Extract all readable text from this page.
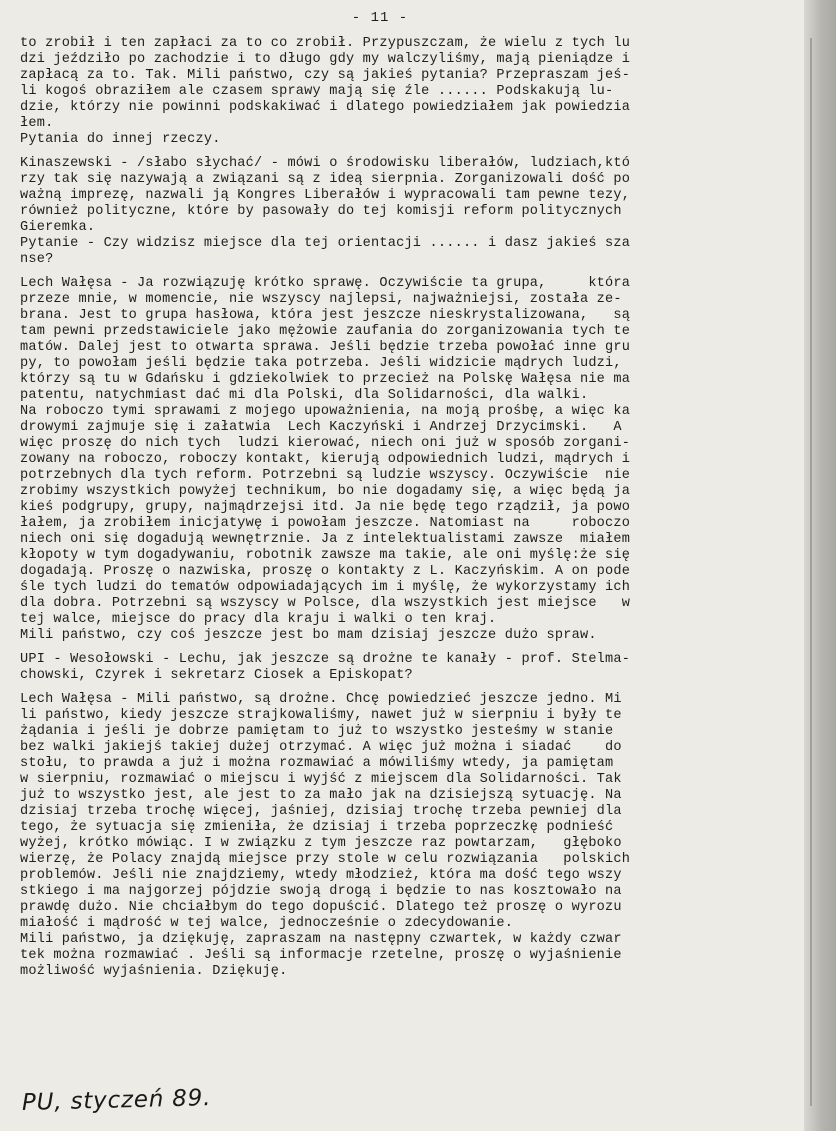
- 11 -
to zrobił i ten zapłaci za to co zrobił. Przypuszczam, że wielu z tych lu
dzi jeździło po zachodzie i to długo gdy my walczyliśmy, mają pieniądze i
zapłacą za to. Tak. Mili państwo, czy są jakieś pytania? Przepraszam jeś-
li kogoś obraziłem ale czasem sprawy mają się źle ...... Podskakują lu-
dzie, którzy nie powinni podskakiwać i dlatego powiedziałem jak powiedzia
łem.
Pytania do innej rzeczy.
Kinaszewski - /słabo słychać/ - mówi o środowisku liberałów, ludziach,któ
rzy tak się nazywają a związani są z ideą sierpnia. Zorganizowali dość po
ważną imprezę, nazwali ją Kongres Liberałów i wypracowali tam pewne tezy,
również polityczne, które by pasowały do tej komisji reform politycznych
Gieremka.
Pytanie - Czy widzisz miejsce dla tej orientacji ...... i dasz jakieś sza
nse?
Lech Wałęsa - Ja rozwiązuję krótko sprawę. Oczywiście ta grupa,     która
przeze mnie, w momencie, nie wszyscy najlepsi, najważniejsi, została ze-
brana. Jest to grupa hasłowa, która jest jeszcze nieskrystalizowana,   są
tam pewni przedstawiciele jako mężowie zaufania do zorganizowania tych te
matów. Dalej jest to otwarta sprawa. Jeśli będzie trzeba powołać inne gru
py, to powołam jeśli będzie taka potrzeba. Jeśli widzicie mądrych ludzi,
którzy są tu w Gdańsku i gdziekolwiek to przecież na Polskę Wałęsa nie ma
patentu, natychmiast dać mi dla Polski, dla Solidarności, dla walki.
Na roboczo tymi sprawami z mojego upoważnienia, na moją prośbę, a więc ka
drowymi zajmuje się i załatwia  Lech Kaczyński i Andrzej Drzycimski.   A
więc proszę do nich tych  ludzi kierować, niech oni już w sposób zorgani-
zowany na roboczo, roboczy kontakt, kierują odpowiednich ludzi, mądrych i
potrzebnych dla tych reform. Potrzebni są ludzie wszyscy. Oczywiście  nie
zrobimy wszystkich powyżej technikum, bo nie dogadamy się, a więc będą ja
kieś podgrupy, grupy, najmądrzejsi itd. Ja nie będę tego rządził, ja powo
łałem, ja zrobiłem inicjatywę i powołam jeszcze. Natomiast na     roboczo
niech oni się dogadują wewnętrznie. Ja z intelektualistami zawsze  miałem
kłopoty w tym dogadywaniu, robotnik zawsze ma takie, ale oni myślę:że się
dogadają. Proszę o nazwiska, proszę o kontakty z L. Kaczyńskim. A on pode
śle tych ludzi do tematów odpowiadających im i myślę, że wykorzystamy ich
dla dobra. Potrzebni są wszyscy w Polsce, dla wszystkich jest miejsce   w
tej walce, miejsce do pracy dla kraju i walki o ten kraj.
Mili państwo, czy coś jeszcze jest bo mam dzisiaj jeszcze dużo spraw.
UPI - Wesołowski - Lechu, jak jeszcze są drożne te kanały - prof. Stelma-
chowski, Czyrek i sekretarz Ciosek a Episkopat?
Lech Wałęsa - Mili państwo, są drożne. Chcę powiedzieć jeszcze jedno. Mi
li państwo, kiedy jeszcze strajkowaliśmy, nawet już w sierpniu i były te
żądania i jeśli je dobrze pamiętam to już to wszystko jesteśmy w stanie
bez walki jakiejś takiej dużej otrzymać. A więc już można i siadać    do
stołu, to prawda a już i można rozmawiać a mówiliśmy wtedy, ja pamiętam
w sierpniu, rozmawiać o miejscu i wyjść z miejscem dla Solidarności. Tak
już to wszystko jest, ale jest to za mało jak na dzisiejszą sytuację. Na
dzisiaj trzeba trochę więcej, jaśniej, dzisiaj trochę trzeba pewniej dla
tego, że sytuacja się zmieniła, że dzisiaj i trzeba poprzeczkę podnieść
wyżej, krótko mówiąc. I w związku z tym jeszcze raz powtarzam,   głęboko
wierzę, że Polacy znajdą miejsce przy stole w celu rozwiązania   polskich
problemów. Jeśli nie znajdziemy, wtedy młodzież, która ma dość tego wszy
stkiego i ma najgorzej pójdzie swoją drogą i będzie to nas kosztowało na
prawdę dużo. Nie chciałbym do tego dopuścić. Dlatego też proszę o wyrozu
miałość i mądrość w tej walce, jednocześnie o zdecydowanie.
Mili państwo, ja dziękuję, zapraszam na następny czwartek, w każdy czwar
tek można rozmawiać . Jeśli są informacje rzetelne, proszę o wyjaśnienie
możliwość wyjaśnienia. Dziękuję.
PU, styczeń 89.
